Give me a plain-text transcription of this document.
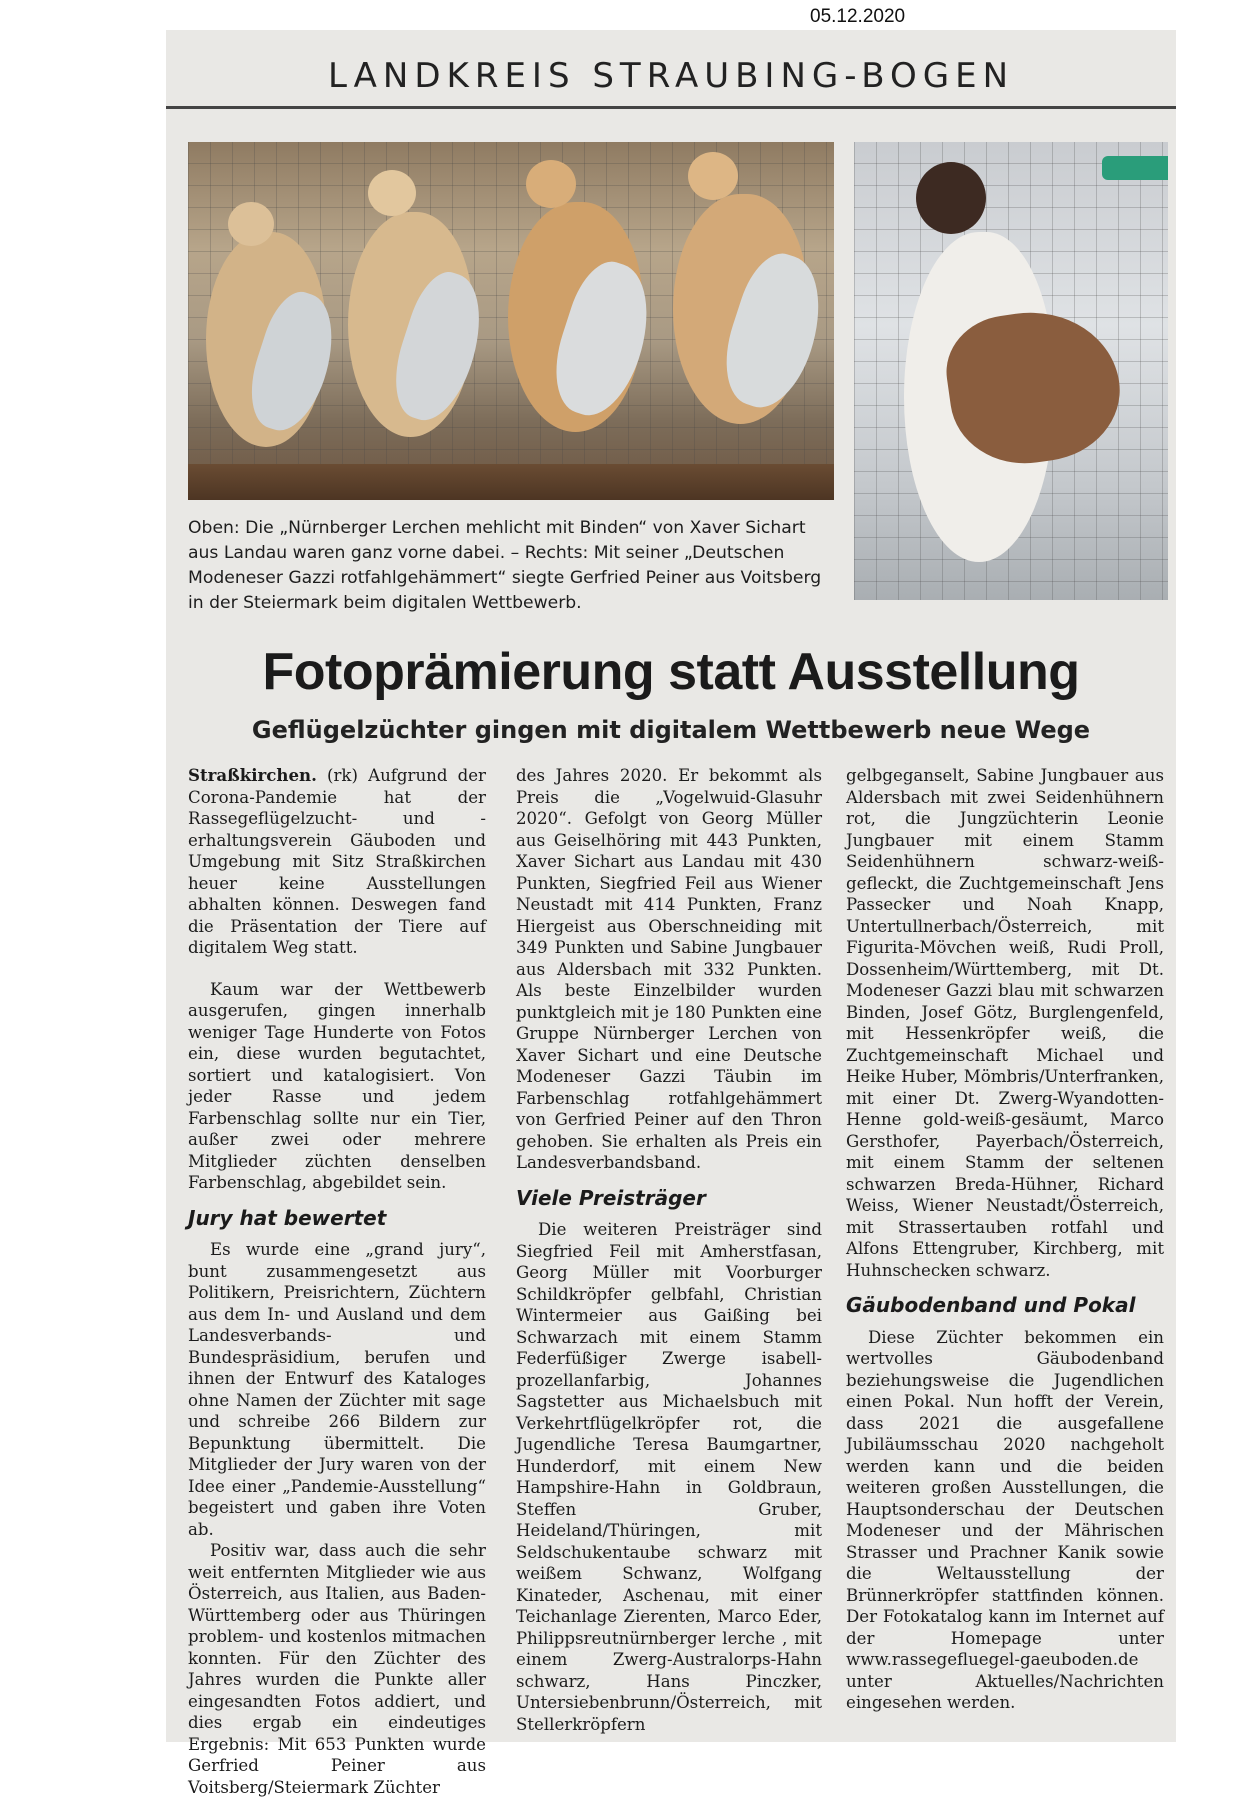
05.12.2020
LANDKREIS STRAUBING-BOGEN
Oben: Die „Nürnberger Lerchen mehlicht mit Binden“ von Xaver Sichart aus Landau waren ganz vorne dabei. – Rechts: Mit seiner „Deutschen Modeneser Gazzi rotfahlgehämmert“ siegte Gerfried Peiner aus Voitsberg in der Steiermark beim digitalen Wettbewerb.
Fotoprämierung statt Ausstellung
Geflügelzüchter gingen mit digitalem Wettbewerb neue Wege

Straßkirchen. (rk) Aufgrund der Corona-Pandemie hat der Rassegeflügelzucht- und -erhaltungsverein Gäuboden und Umgebung mit Sitz Straßkirchen heuer keine Ausstellungen abhalten können. Deswegen fand die Präsentation der Tiere auf digitalem Weg statt.

Kaum war der Wettbewerb ausgerufen, gingen innerhalb weniger Tage Hunderte von Fotos ein, diese wurden begutachtet, sortiert und katalogisiert. Von jeder Rasse und jedem Farbenschlag sollte nur ein Tier, außer zwei oder mehrere Mitglieder züchten denselben Farbenschlag, abgebildet sein.

Jury hat bewertet

Es wurde eine „grand jury“, bunt zusammengesetzt aus Politikern, Preisrichtern, Züchtern aus dem In- und Ausland und dem Landesverbands- und Bundespräsidium, berufen und ihnen der Entwurf des Kataloges ohne Namen der Züchter mit sage und schreibe 266 Bildern zur Bepunktung übermittelt. Die Mitglieder der Jury waren von der Idee einer „Pandemie-Ausstellung“ begeistert und gaben ihre Voten ab.

Positiv war, dass auch die sehr weit entfernten Mitglieder wie aus Österreich, aus Italien, aus Baden-Württemberg oder aus Thüringen problem- und kostenlos mitmachen konnten. Für den Züchter des Jahres wurden die Punkte aller eingesandten Fotos addiert, und dies ergab ein eindeutiges Ergebnis: Mit 653 Punkten wurde Gerfried Peiner aus Voitsberg/Steiermark Züchter

des Jahres 2020. Er bekommt als Preis die „Vogelwuid-Glasuhr 2020“. Gefolgt von Georg Müller aus Geiselhöring mit 443 Punkten, Xaver Sichart aus Landau mit 430 Punkten, Siegfried Feil aus Wiener Neustadt mit 414 Punkten, Franz Hiergeist aus Oberschneiding mit 349 Punkten und Sabine Jungbauer aus Aldersbach mit 332 Punkten. Als beste Einzelbilder wurden punktgleich mit je 180 Punkten eine Gruppe Nürnberger Lerchen von Xaver Sichart und eine Deutsche Modeneser Gazzi Täubin im Farbenschlag rotfahlgehämmert von Gerfried Peiner auf den Thron gehoben. Sie erhalten als Preis ein Landesverbandsband.

Viele Preisträger

Die weiteren Preisträger sind Siegfried Feil mit Amherstfasan, Georg Müller mit Voorburger Schildkröpfer gelbfahl, Christian Wintermeier aus Gaißing bei Schwarzach mit einem Stamm Federfüßiger Zwerge isabell-prozellanfarbig, Johannes Sagstetter aus Michaelsbuch mit Verkehrtflügelkröpfer rot, die Jugendliche Teresa Baumgartner, Hunderdorf, mit einem New Hampshire-Hahn in Goldbraun, Steffen Gruber, Heideland/Thüringen, mit Seldschukentaube schwarz mit weißem Schwanz, Wolfgang Kinateder, Aschenau, mit einer Teichanlage Zierenten, Marco Eder, Philippsreutnürnberger lerche , mit einem Zwerg-Australorps-Hahn schwarz, Hans Pinczker, Untersiebenbrunn/Österreich, mit Stellerkröpfern

gelbgeganselt, Sabine Jungbauer aus Aldersbach mit zwei Seidenhühnern rot, die Jungzüchterin Leonie Jungbauer mit einem Stamm Seidenhühnern schwarz-weiß-gefleckt, die Zuchtgemeinschaft Jens Passecker und Noah Knapp, Untertullnerbach/Österreich, mit Figurita-Mövchen weiß, Rudi Proll, Dossenheim/Württemberg, mit Dt. Modeneser Gazzi blau mit schwarzen Binden, Josef Götz, Burglengenfeld, mit Hessenkröpfer weiß, die Zuchtgemeinschaft Michael und Heike Huber, Mömbris/Unterfranken, mit einer Dt. Zwerg-Wyandotten-Henne gold-weiß-gesäumt, Marco Gersthofer, Payerbach/Österreich, mit einem Stamm der seltenen schwarzen Breda-Hühner, Richard Weiss, Wiener Neustadt/Österreich, mit Strassertauben rotfahl und Alfons Ettengruber, Kirchberg, mit Huhnschecken schwarz.

Gäubodenband und Pokal

Diese Züchter bekommen ein wertvolles Gäubodenband beziehungsweise die Jugendlichen einen Pokal. Nun hofft der Verein, dass 2021 die ausgefallene Jubiläumsschau 2020 nachgeholt werden kann und die beiden weiteren großen Ausstellungen, die Hauptsonderschau der Deutschen Modeneser und der Mährischen Strasser und Prachner Kanik sowie die Weltausstellung der Brünnerkröpfer stattfinden können. Der Fotokatalog kann im Internet auf der Homepage unter www.rassegefluegel-gaeuboden.de unter Aktuelles/Nachrichten eingesehen werden.
